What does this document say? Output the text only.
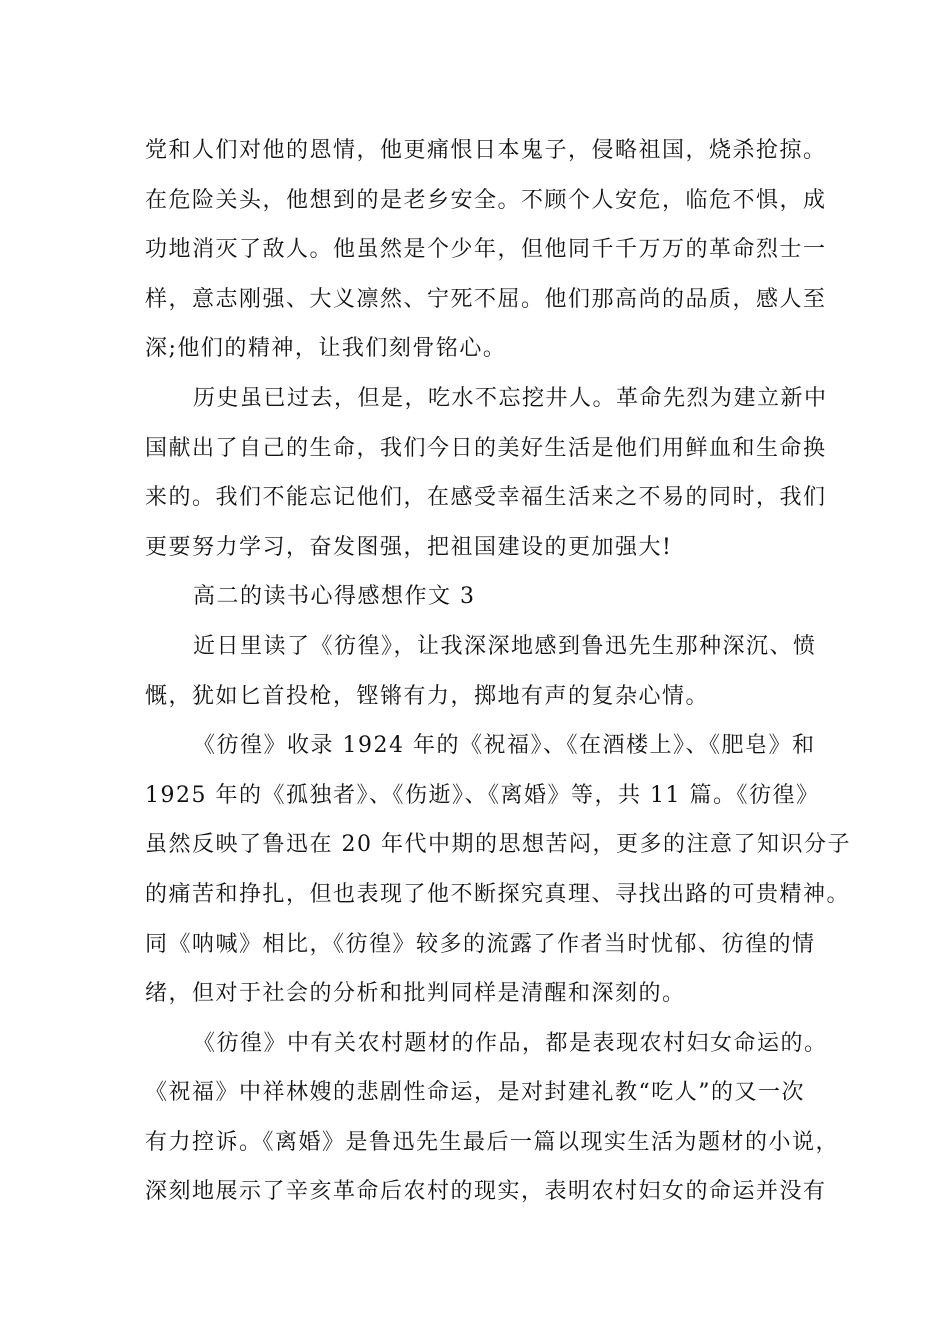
党和人们对他的恩情，他更痛恨日本鬼子，侵略祖国，烧杀抢掠。
在危险关头，他想到的是老乡安全。不顾个人安危，临危不惧，成
功地消灭了敌人。他虽然是个少年，但他同千千万万的革命烈士一
样，意志刚强、大义凛然、宁死不屈。他们那高尚的品质，感人至
深;他们的精神，让我们刻骨铭心。
历史虽已过去，但是，吃水不忘挖井人。革命先烈为建立新中
国献出了自己的生命，我们今日的美好生活是他们用鲜血和生命换
来的。我们不能忘记他们，在感受幸福生活来之不易的同时，我们
更要努力学习，奋发图强，把祖国建设的更加强大!
高二的读书心得感想作文 3
近日里读了《彷徨》，让我深深地感到鲁迅先生那种深沉、愤
慨，犹如匕首投枪，铿锵有力，掷地有声的复杂心情。
《彷徨》收录 1924 年的《祝福》、《在酒楼上》、《肥皂》和
1925 年的《孤独者》、《伤逝》、《离婚》等，共 11 篇。《彷徨》
虽然反映了鲁迅在 20 年代中期的思想苦闷，更多的注意了知识分子
的痛苦和挣扎，但也表现了他不断探究真理、寻找出路的可贵精神。
同《呐喊》相比，《彷徨》较多的流露了作者当时忧郁、彷徨的情
绪，但对于社会的分析和批判同样是清醒和深刻的。
《彷徨》中有关农村题材的作品，都是表现农村妇女命运的。
《祝福》中祥林嫂的悲剧性命运，是对封建礼教“吃人”的又一次
有力控诉。《离婚》是鲁迅先生最后一篇以现实生活为题材的小说，
深刻地展示了辛亥革命后农村的现实，表明农村妇女的命运并没有
